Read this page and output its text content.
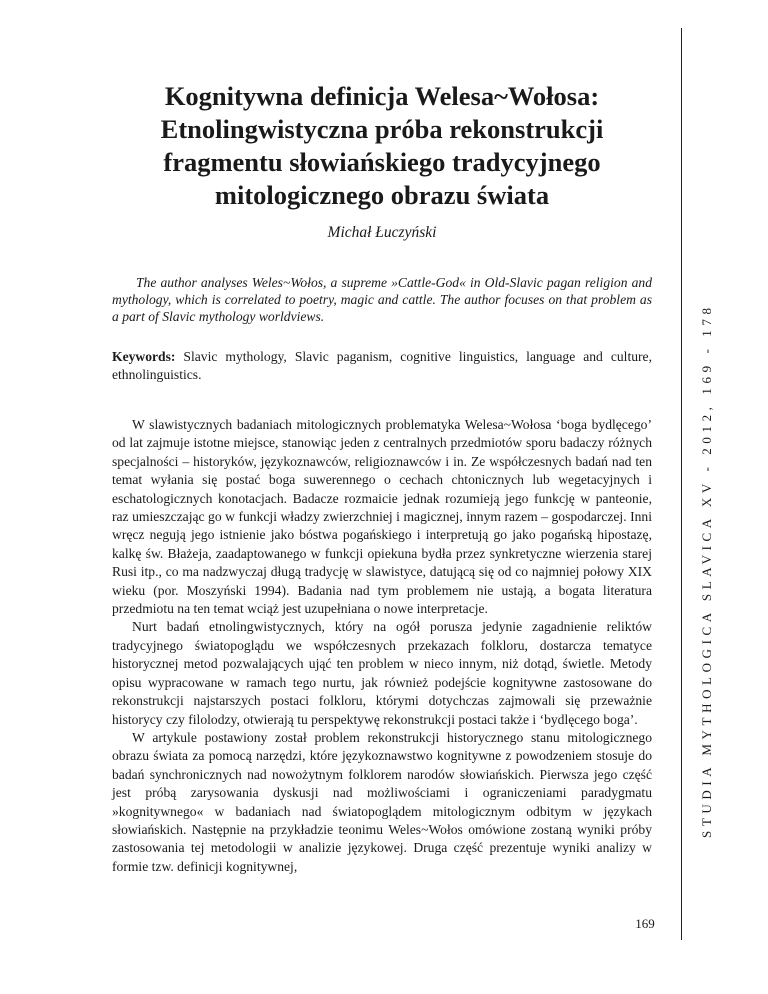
Kognitywna definicja Welesa~Wołosa:
Etnolingwistyczna próba rekonstrukcji
fragmentu słowiańskiego tradycyjnego
mitologicznego obrazu świata
Michał Łuczyński

The author analyses Weles~Wołos, a supreme »Cattle-God« in Old-Slavic pagan religion and mythology, which is correlated to poetry, magic and cattle. The author focuses on that problem as a part of Slavic mythology worldviews.

Keywords: Slavic mythology, Slavic paganism, cognitive linguistics, language and culture, ethnolinguistics.

W slawistycznych badaniach mitologicznych problematyka Welesa~Wołosa ‘boga bydlęcego’ od lat zajmuje istotne miejsce, stanowiąc jeden z centralnych przedmiotów sporu badaczy różnych specjalności – historyków, językoznawców, religioznawców i in. Ze współczesnych badań nad ten temat wyłania się postać boga suwerennego o cechach chtonicznych lub wegetacyjnych i eschatologicznych konotacjach. Badacze rozmaicie jednak rozumieją jego funkcję w panteonie, raz umieszczając go w funkcji władzy zwierzchniej i magicznej, innym razem – gospodarczej. Inni wręcz negują jego istnienie jako bóstwa pogańskiego i interpretują go jako pogańską hipostazę, kalkę św. Błażeja, zaadaptowanego w funkcji opiekuna bydła przez synkretyczne wierzenia starej Rusi itp., co ma nadzwyczaj długą tradycję w slawistyce, datującą się od co najmniej połowy XIX wieku (por. Moszyński 1994). Badania nad tym problemem nie ustają, a bogata literatura przedmiotu na ten temat wciąż jest uzupełniana o nowe interpretacje.

Nurt badań etnolingwistycznych, który na ogół porusza jedynie zagadnienie reliktów tradycyjnego światopoglądu we współczesnych przekazach folkloru, dostarcza tematyce historycznej metod pozwalających ująć ten problem w nieco innym, niż dotąd, świetle. Metody opisu wypracowane w ramach tego nurtu, jak również podejście kognitywne zastosowane do rekonstrukcji najstarszych postaci folkloru, którymi dotychczas zajmowali się przeważnie historycy czy filolodzy, otwierają tu perspektywę rekonstrukcji postaci także i ‘bydlęcego boga’.

W artykule postawiony został problem rekonstrukcji historycznego stanu mitologicznego obrazu świata za pomocą narzędzi, które językoznawstwo kognitywne z powodzeniem stosuje do badań synchronicznych nad nowożytnym folklorem narodów słowiańskich. Pierwsza jego część jest próbą zarysowania dyskusji nad możliwościami i ograniczeniami paradygmatu »kognitywnego« w badaniach nad światopoglądem mitologicznym odbitym w językach słowiańskich. Następnie na przykładzie teonimu Weles~Wołos omówione zostaną wyniki próby zastosowania tej metodologii w analizie językowej. Druga część prezentuje wyniki analizy w formie tzw. definicji kognitywnej,

169
STUDIA MYTHOLOGICA SLAVICA XV - 2012, 169 - 178
